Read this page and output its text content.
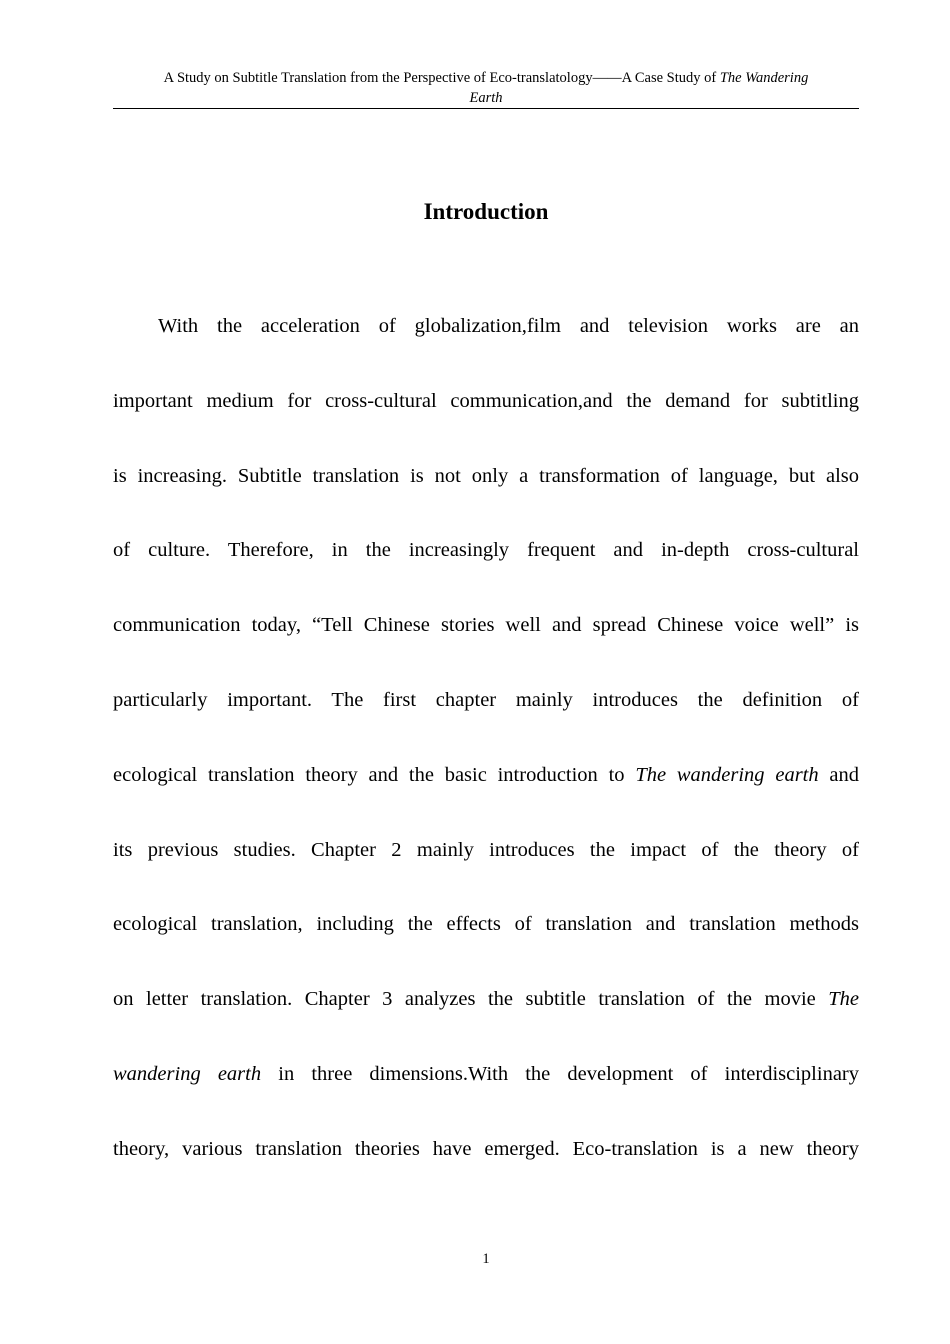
A Study on Subtitle Translation from the Perspective of Eco-translatology——A Case Study of The Wandering
Earth
Introduction
With the acceleration of globalization,film and television works are an
important medium for cross-cultural communication,and the demand for subtitling
is increasing. Subtitle translation is not only a transformation of language, but also
of culture. Therefore, in the increasingly frequent and in-depth cross-cultural
communication today, “Tell Chinese stories well and spread Chinese voice well” is
particularly important. The first chapter mainly introduces the definition of
ecological translation theory and the basic introduction to The wandering earth and
its previous studies. Chapter 2 mainly introduces the impact of the theory of
ecological translation, including the effects of translation and translation methods
on letter translation. Chapter 3 analyzes the subtitle translation of the movie The
wandering earth in three dimensions.With the development of interdisciplinary
theory, various translation theories have emerged. Eco-translation is a new theory
1
